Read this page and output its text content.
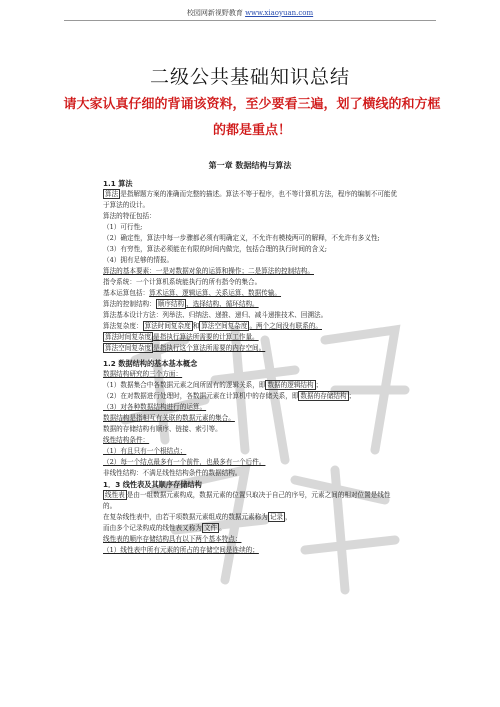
校园网新视野教育 www.xiaoyuan.com
二级公共基础知识总结
请大家认真仔细的背诵该资料，至少要看三遍，划了横线的和方框的都是重点！
第一章 数据结构与算法

1.1 算法

算法 是指解题方案的准确而完整的描述。算法不等于程序，也不等计算机方法，程序的编制不可能优于算法的设计。

算法的特征包括：

（1）可行性;

（2）确定性，算法中每一步骤都必须有明确定义，不允许有模棱两可的解释，不允许有多义性;

（3）有穷性，算法必须能在有限的时间内做完，包括合理的执行时间的含义;

（4）拥有足够的情报。

算法的基本要素：一是对数据对象的运算和操作；二是算法的控制结构。

指令系统：一个计算机系统能执行的所有指令的集合。

基本运算包括：算术运算、逻辑运算、关系运算、数据传输。

算法的控制结构： 顺序结构 、选择结构、循环结构。

算法基本设计方法：列举法、归纳法、递推、递归、减斗递推技术、回溯法。

算法复杂度： 算法时间复杂度 和 算法空间复杂度 。两个之间没有联系的。

算法时间复杂度 是指执行算法所需要的计算工作量。

算法空间复杂度 是指执行这个算法所需要的内存空间。

1.2 数据结构的基本基本概念

数据结构研究的三个方面：

（1）数据集合中各数据元素之间所固有的逻辑关系，即 数据的逻辑结构 ；

（2）在对数据进行处理时，各数据元素在计算机中的存储关系，即 数据的存储结构 ；

（3）对各种数据结构进行的运算。

数据结构是指相互有关联的数据元素的集合。

数据的存储结构有顺序、链接、索引等。

线性结构条件：

（1）有且只有一个根结点；

（2）每一个结点最多有一个前件，也最多有一个后件。

非线性结构：不满足线性结构条件的数据结构。

1．3 线性表及其顺序存储结构

线性表 是由一组数据元素构成，数据元素的位置只取决于自己的序号，元素之间的相对位置是线性的。

在复杂线性表中，由若干项数据元素组成的数据元素称为 记录 ，

而由多个记录构成的线性表又称为 文件 。

线性表的顺序存储结构具有以下两个基本特点：

（1）线性表中所有元素的所占的存储空间是连续的；
